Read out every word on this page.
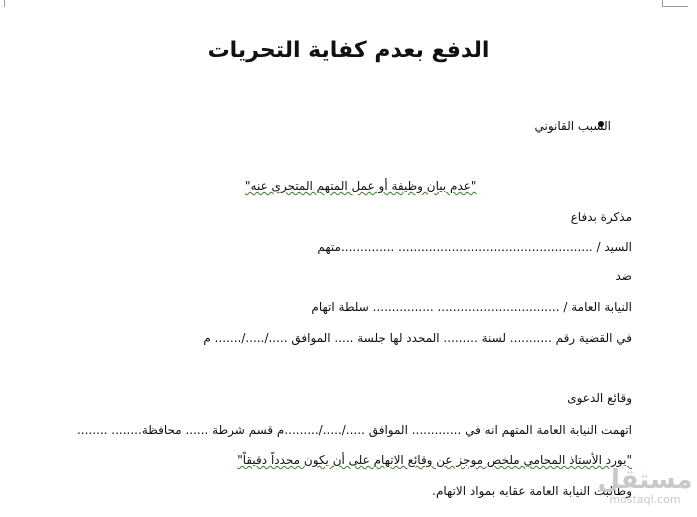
الدفع بعدم كفاية التحريات
السبب القانوني
"عدم بيان وظيفة أو عمل المتهم المتحرى عنه"
مذكرة بدفاع
السيد / ................................................... ..............متهم
ضد
النيابة العامة / ................................ ................ سلطة اتهام
في القضية رقم ........... لسنة ......... المحدد لها جلسة ..... الموافق ...../...../....... م
وقائع الدعوى
اتهمت النيابة العامة المتهم انه في ............. الموافق ...../...../.........م قسم شرطة ...... محافظة........ ........
"يورد الأستاذ المحامي ملخص موجز عن وقائع الاتهام على أن يكون محدداً دقيقاً"
وطالبت النيابة العامة عقابه بمواد الاتهام.
مستقل
mostaql.com
